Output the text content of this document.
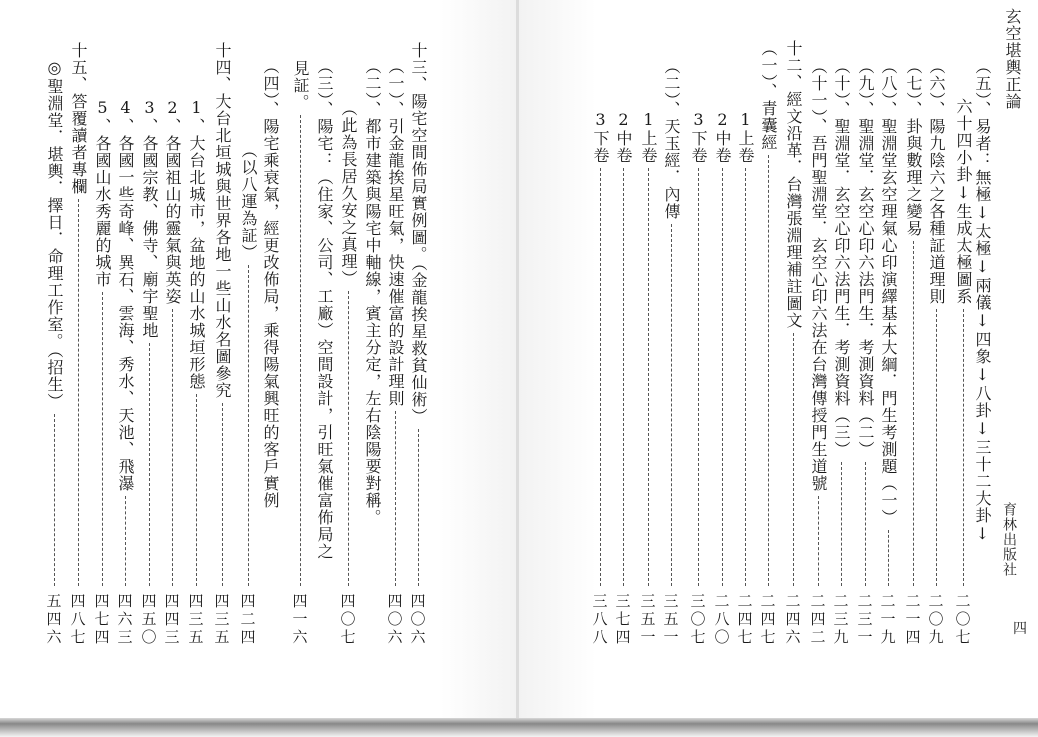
玄空堪輿正論
育林出版社
四
（五）、易者：無極↓太極↓兩儀↓四象↓八卦↓三十二大卦↓
六十四小卦↓生成太極圖系
二
〇
七
（六）、陽九陰六之各種証道理則
二
〇
九
（七）、卦與數理之變易
二
一
四
（八）、聖淵堂玄空理氣心印演繹基本大綱．門生考測題（一）
二
一
九
（九）、聖淵堂．玄空心印六法門生．考測資料（二）
二
三
一
（十）、聖淵堂．玄空心印六法門生．考測資料（三）
二
三
九
（十一）、吾門聖淵堂．玄空心印六法在台灣傳授門生道號
二
四
二
十二、經文沿革．台灣張淵理補註圖文
二
四
六
（一）、青囊經
二
四
七
1上卷
二
四
七
2中卷
二
八
〇
3下卷
三
〇
七
（二）、天玉經．內傳
三
五
一
1上卷
三
五
一
2中卷
三
七
四
3下卷
三
八
八
十三、陽宅空間佈局實例圖。（金龍挨星救貧仙術）
四
〇
六
（一）、引金龍挨星旺氣，快速催富的設計理則
四
〇
六
（二）、都市建築與陽宅中軸線，賓主分定，左右陰陽要對稱。
（此為長居久安之真理）
四
〇
七
（三）、陽宅：（住家、公司、工廠）空間設計，引旺氣催富佈局之
見証。
四
一
六
（四）、陽宅乘衰氣，經更改佈局，乘得陽氣興旺的客戶實例
（以八運為証）
四
二
四
十四、大台北垣城與世界各地一些山水名圖參究
四
三
五
1、大台北城市，盆地的山水城垣形態
四
三
五
2、各國祖山的靈氣與英姿
四
四
三
3、各國宗教、佛寺、廟宇聖地
四
五
〇
4、各國一些奇峰、異石、雲海、秀水、天池、飛瀑
四
六
三
5、各國山水秀麗的城市
四
七
四
十五、答覆讀者專欄
四
八
七
◎聖淵堂．堪輿．擇日．命理工作室。（招生）
五
四
六
